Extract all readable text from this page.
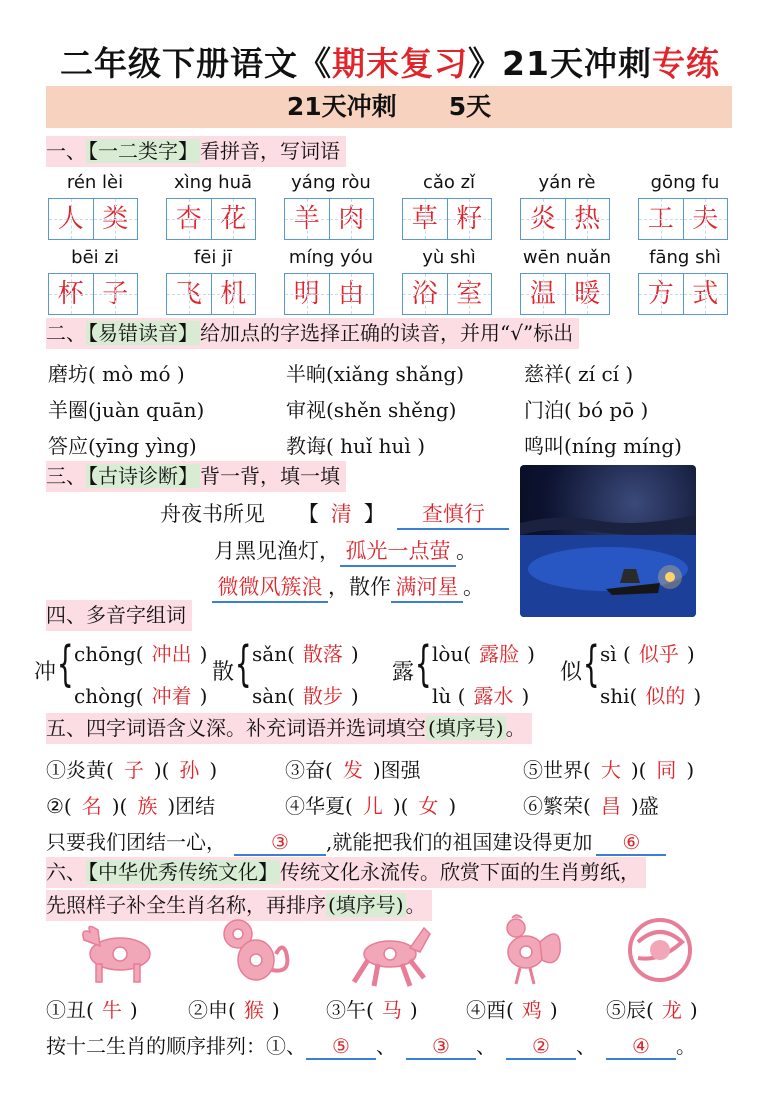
二年级下册语文《期末复习》21天冲刺专练
21天冲刺 5天
一、 【一二类字】 看拼音，写词语
rén lèi
人 类
xìng huā
杏 花
yáng ròu
羊 肉
cǎo zǐ
草 籽
yán rè
炎 热
gōng fu
工 夫
bēi zi
杯 子
fēi jī
飞 机
míng yóu
明 由
yù shì
浴 室
wēn nuǎn
温 暖
fāng shì
方 式
二、 【易错读音】 给加点的字选择正确的读音，并用“√”标出
磨坊( mò mó )	半晌(xiǎng shǎng)	慈祥( zí cí )
羊圈(juàn quān)	审视(shěn shěng)	门泊( bó pō )
答应(yīng yìng)	教诲( huǐ huì )	鸣叫(níng míng)
三、 【古诗诊断】 背一背，填一填
舟夜书所见 【 清 】 查慎行
月黑见渔灯， 孤光一点萤 。
微微风簇浪 ，散作 满河星 。
四、多音字组词
冲 { chōng( 冲出 )
chòng( 冲着 )
散 { sǎn( 散落 )
sàn( 散步 )
露 { lòu( 露脸 )
lù ( 露水 )
似 { sì ( 似乎 )
shi( 似的 )
五、四字词语含义深。补充词语并选词填空 (填序号) 。
①炎黄( 子 )( 孙 )	③奋( 发 )图强	⑤世界( 大 )( 同 )
②( 名 )( 族 )团结	④华夏( 儿 )( 女 )	⑥繁荣( 昌 )盛
只要我们团结一心， ③ ,就能把我们的祖国建设得更加 ⑥
六、 【中华优秀传统文化】 传统文化永流传。欣赏下面的生肖剪纸，
先照样子补全生肖名称，再排序 (填序号) 。
①丑( 牛 )	②申( 猴 ) ③午( 马 ) ④酉( 鸡 ) ⑤辰( 龙 )
按十二生肖的顺序排列：①、 ⑤ 、 ③ 、 ② 、 ④ 。
